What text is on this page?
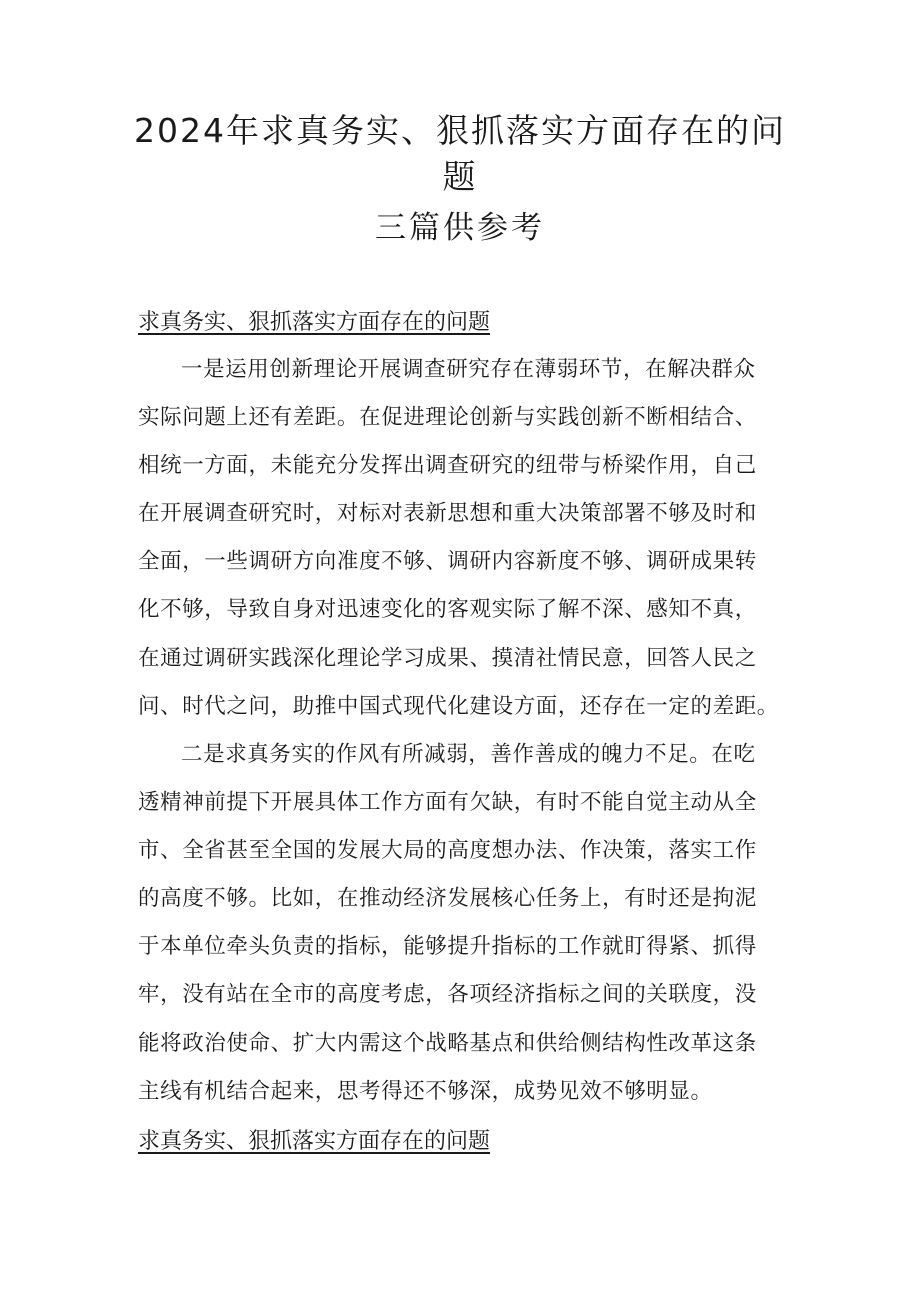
2024年求真务实、狠抓落实方面存在的问
题
三篇供参考
求真务实、狠抓落实方面存在的问题

一是运用创新理论开展调查研究存在薄弱环节，在解决群众
实际问题上还有差距。在促进理论创新与实践创新不断相结合、
相统一方面，未能充分发挥出调查研究的纽带与桥梁作用，自己
在开展调查研究时，对标对表新思想和重大决策部署不够及时和
全面，一些调研方向准度不够、调研内容新度不够、调研成果转
化不够，导致自身对迅速变化的客观实际了解不深、感知不真，
在通过调研实践深化理论学习成果、摸清社情民意，回答人民之
问、时代之问，助推中国式现代化建设方面，还存在一定的差距。

二是求真务实的作风有所减弱，善作善成的魄力不足。在吃
透精神前提下开展具体工作方面有欠缺，有时不能自觉主动从全
市、全省甚至全国的发展大局的高度想办法、作决策，落实工作
的高度不够。比如，在推动经济发展核心任务上，有时还是拘泥
于本单位牵头负责的指标，能够提升指标的工作就盯得紧、抓得
牢，没有站在全市的高度考虑，各项经济指标之间的关联度，没
能将政治使命、扩大内需这个战略基点和供给侧结构性改革这条
主线有机结合起来，思考得还不够深，成势见效不够明显。

求真务实、狠抓落实方面存在的问题
